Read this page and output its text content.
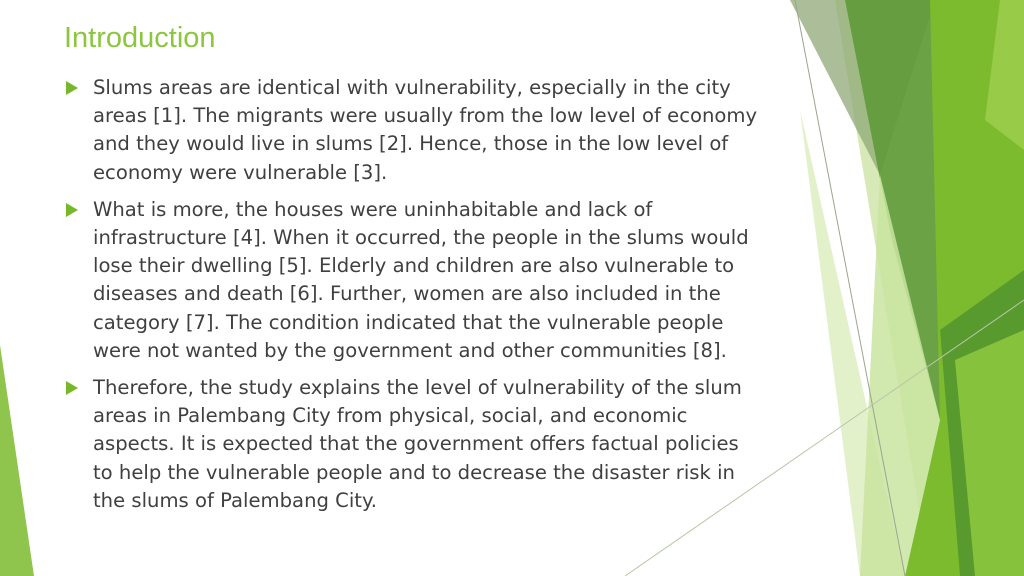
Introduction
Slums areas are identical with vulnerability, especially in the city areas [1]. The migrants were usually from the low level of economy and they would live in slums [2]. Hence, those in the low level of economy were vulnerable [3].
What is more, the houses were uninhabitable and lack of infrastructure [4]. When it occurred, the people in the slums would lose their dwelling [5]. Elderly and children are also vulnerable to diseases and death [6]. Further, women are also included in the category [7]. The condition indicated that the vulnerable people were not wanted by the government and other communities [8].
Therefore, the study explains the level of vulnerability of the slum areas in Palembang City from physical, social, and economic aspects. It is expected that the government offers factual policies to help the vulnerable people and to decrease the disaster risk in the slums of Palembang City.
